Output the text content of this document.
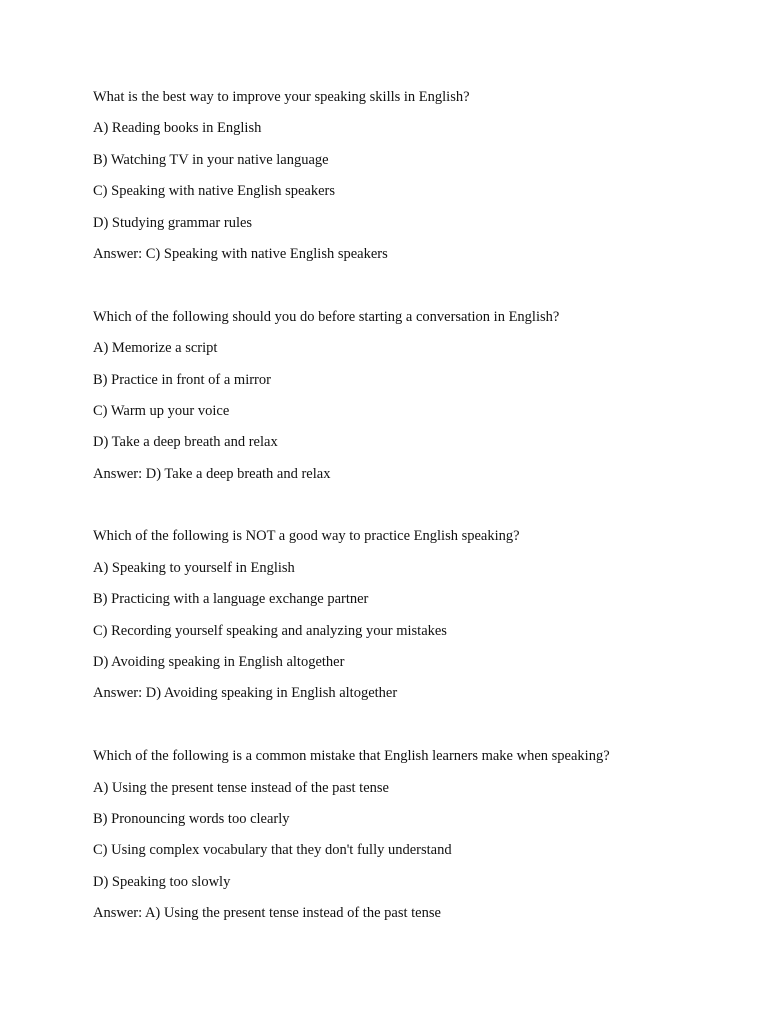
What is the best way to improve your speaking skills in English?
A) Reading books in English
B) Watching TV in your native language
C) Speaking with native English speakers
D) Studying grammar rules
Answer: C) Speaking with native English speakers
Which of the following should you do before starting a conversation in English?
A) Memorize a script
B) Practice in front of a mirror
C) Warm up your voice
D) Take a deep breath and relax
Answer: D) Take a deep breath and relax
Which of the following is NOT a good way to practice English speaking?
A) Speaking to yourself in English
B) Practicing with a language exchange partner
C) Recording yourself speaking and analyzing your mistakes
D) Avoiding speaking in English altogether
Answer: D) Avoiding speaking in English altogether
Which of the following is a common mistake that English learners make when speaking?
A) Using the present tense instead of the past tense
B) Pronouncing words too clearly
C) Using complex vocabulary that they don't fully understand
D) Speaking too slowly
Answer: A) Using the present tense instead of the past tense
